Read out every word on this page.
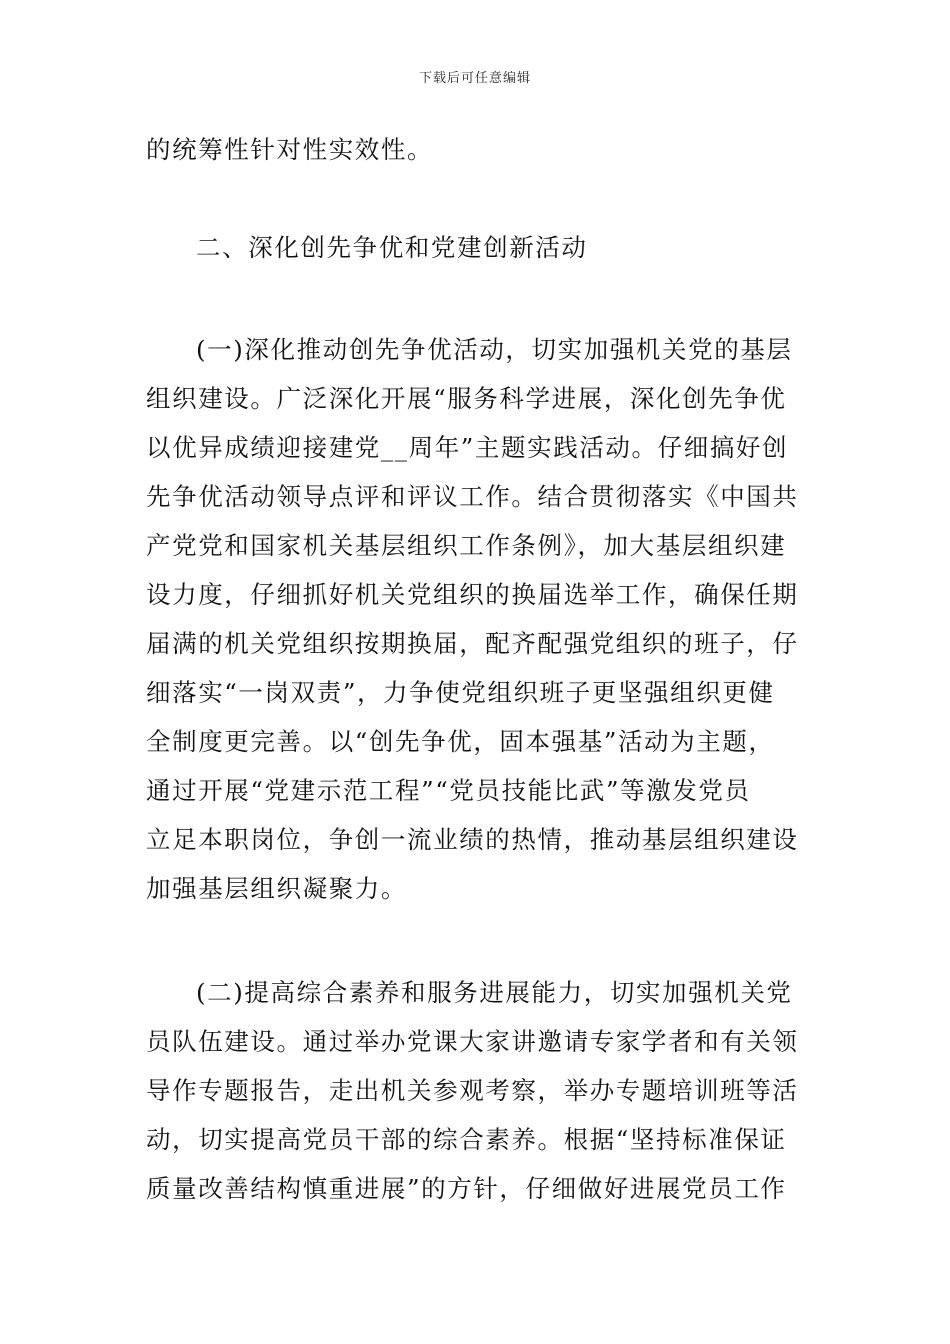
下载后可任意编辑
的统筹性针对性实效性。
二、深化创先争优和党建创新活动
(一)深化推动创先争优活动，切实加强机关党的基层
组织建设。广泛深化开展“服务科学进展，深化创先争优
以优异成绩迎接建党__周年”主题实践活动。仔细搞好创
先争优活动领导点评和评议工作。结合贯彻落实《中国共
产党党和国家机关基层组织工作条例》，加大基层组织建
设力度，仔细抓好机关党组织的换届选举工作，确保任期
届满的机关党组织按期换届，配齐配强党组织的班子，仔
细落实“一岗双责”，力争使党组织班子更坚强组织更健
全制度更完善。以“创先争优，固本强基”活动为主题，
通过开展“党建示范工程”“党员技能比武”等激发党员
立足本职岗位，争创一流业绩的热情，推动基层组织建设
加强基层组织凝聚力。
(二)提高综合素养和服务进展能力，切实加强机关党
员队伍建设。通过举办党课大家讲邀请专家学者和有关领
导作专题报告，走出机关参观考察，举办专题培训班等活
动，切实提高党员干部的综合素养。根据“坚持标准保证
质量改善结构慎重进展”的方针，仔细做好进展党员工作
